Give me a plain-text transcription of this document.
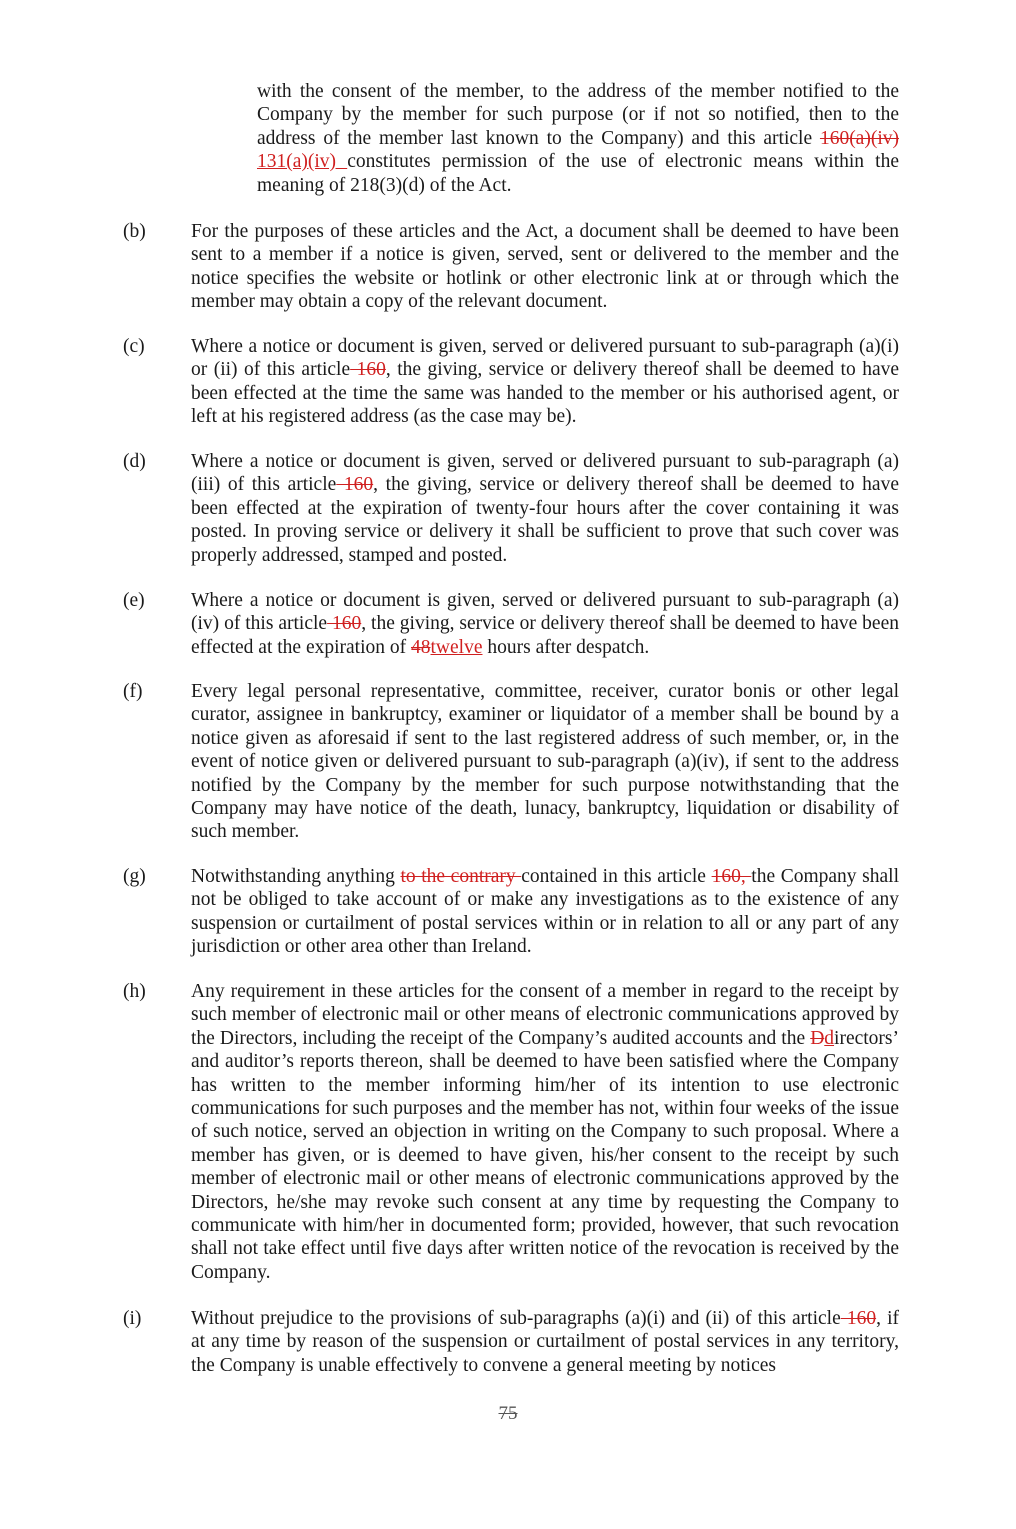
with the consent of the member, to the address of the member notified to the Company by the member for such purpose (or if not so notified, then to the address of the member last known to the Company) and this article 160(a)(iv) 131(a)(iv) constitutes permission of the use of electronic means within the meaning of 218(3)(d) of the Act.
(b) For the purposes of these articles and the Act, a document shall be deemed to have been sent to a member if a notice is given, served, sent or delivered to the member and the notice specifies the website or hotlink or other electronic link at or through which the member may obtain a copy of the relevant document.
(c) Where a notice or document is given, served or delivered pursuant to sub-paragraph (a)(i) or (ii) of this article 160, the giving, service or delivery thereof shall be deemed to have been effected at the time the same was handed to the member or his authorised agent, or left at his registered address (as the case may be).
(d) Where a notice or document is given, served or delivered pursuant to sub-paragraph (a)(iii) of this article 160, the giving, service or delivery thereof shall be deemed to have been effected at the expiration of twenty-four hours after the cover containing it was posted. In proving service or delivery it shall be sufficient to prove that such cover was properly addressed, stamped and posted.
(e) Where a notice or document is given, served or delivered pursuant to sub-paragraph (a)(iv) of this article 160, the giving, service or delivery thereof shall be deemed to have been effected at the expiration of 48twelve hours after despatch.
(f) Every legal personal representative, committee, receiver, curator bonis or other legal curator, assignee in bankruptcy, examiner or liquidator of a member shall be bound by a notice given as aforesaid if sent to the last registered address of such member, or, in the event of notice given or delivered pursuant to sub-paragraph (a)(iv), if sent to the address notified by the Company by the member for such purpose notwithstanding that the Company may have notice of the death, lunacy, bankruptcy, liquidation or disability of such member.
(g) Notwithstanding anything to the contrary contained in this article 160, the Company shall not be obliged to take account of or make any investigations as to the existence of any suspension or curtailment of postal services within or in relation to all or any part of any jurisdiction or other area other than Ireland.
(h) Any requirement in these articles for the consent of a member in regard to the receipt by such member of electronic mail or other means of electronic communications approved by the Directors, including the receipt of the Company’s audited accounts and the Ddirectors’ and auditor’s reports thereon, shall be deemed to have been satisfied where the Company has written to the member informing him/her of its intention to use electronic communications for such purposes and the member has not, within four weeks of the issue of such notice, served an objection in writing on the Company to such proposal. Where a member has given, or is deemed to have given, his/her consent to the receipt by such member of electronic mail or other means of electronic communications approved by the Directors, he/she may revoke such consent at any time by requesting the Company to communicate with him/her in documented form; provided, however, that such revocation shall not take effect until five days after written notice of the revocation is received by the Company.
(i)	Without prejudice to the provisions of sub-paragraphs (a)(i) and (ii) of this article 160, if at any time by reason of the suspension or curtailment of postal services in any territory, the Company is unable effectively to convene a general meeting by notices
75
